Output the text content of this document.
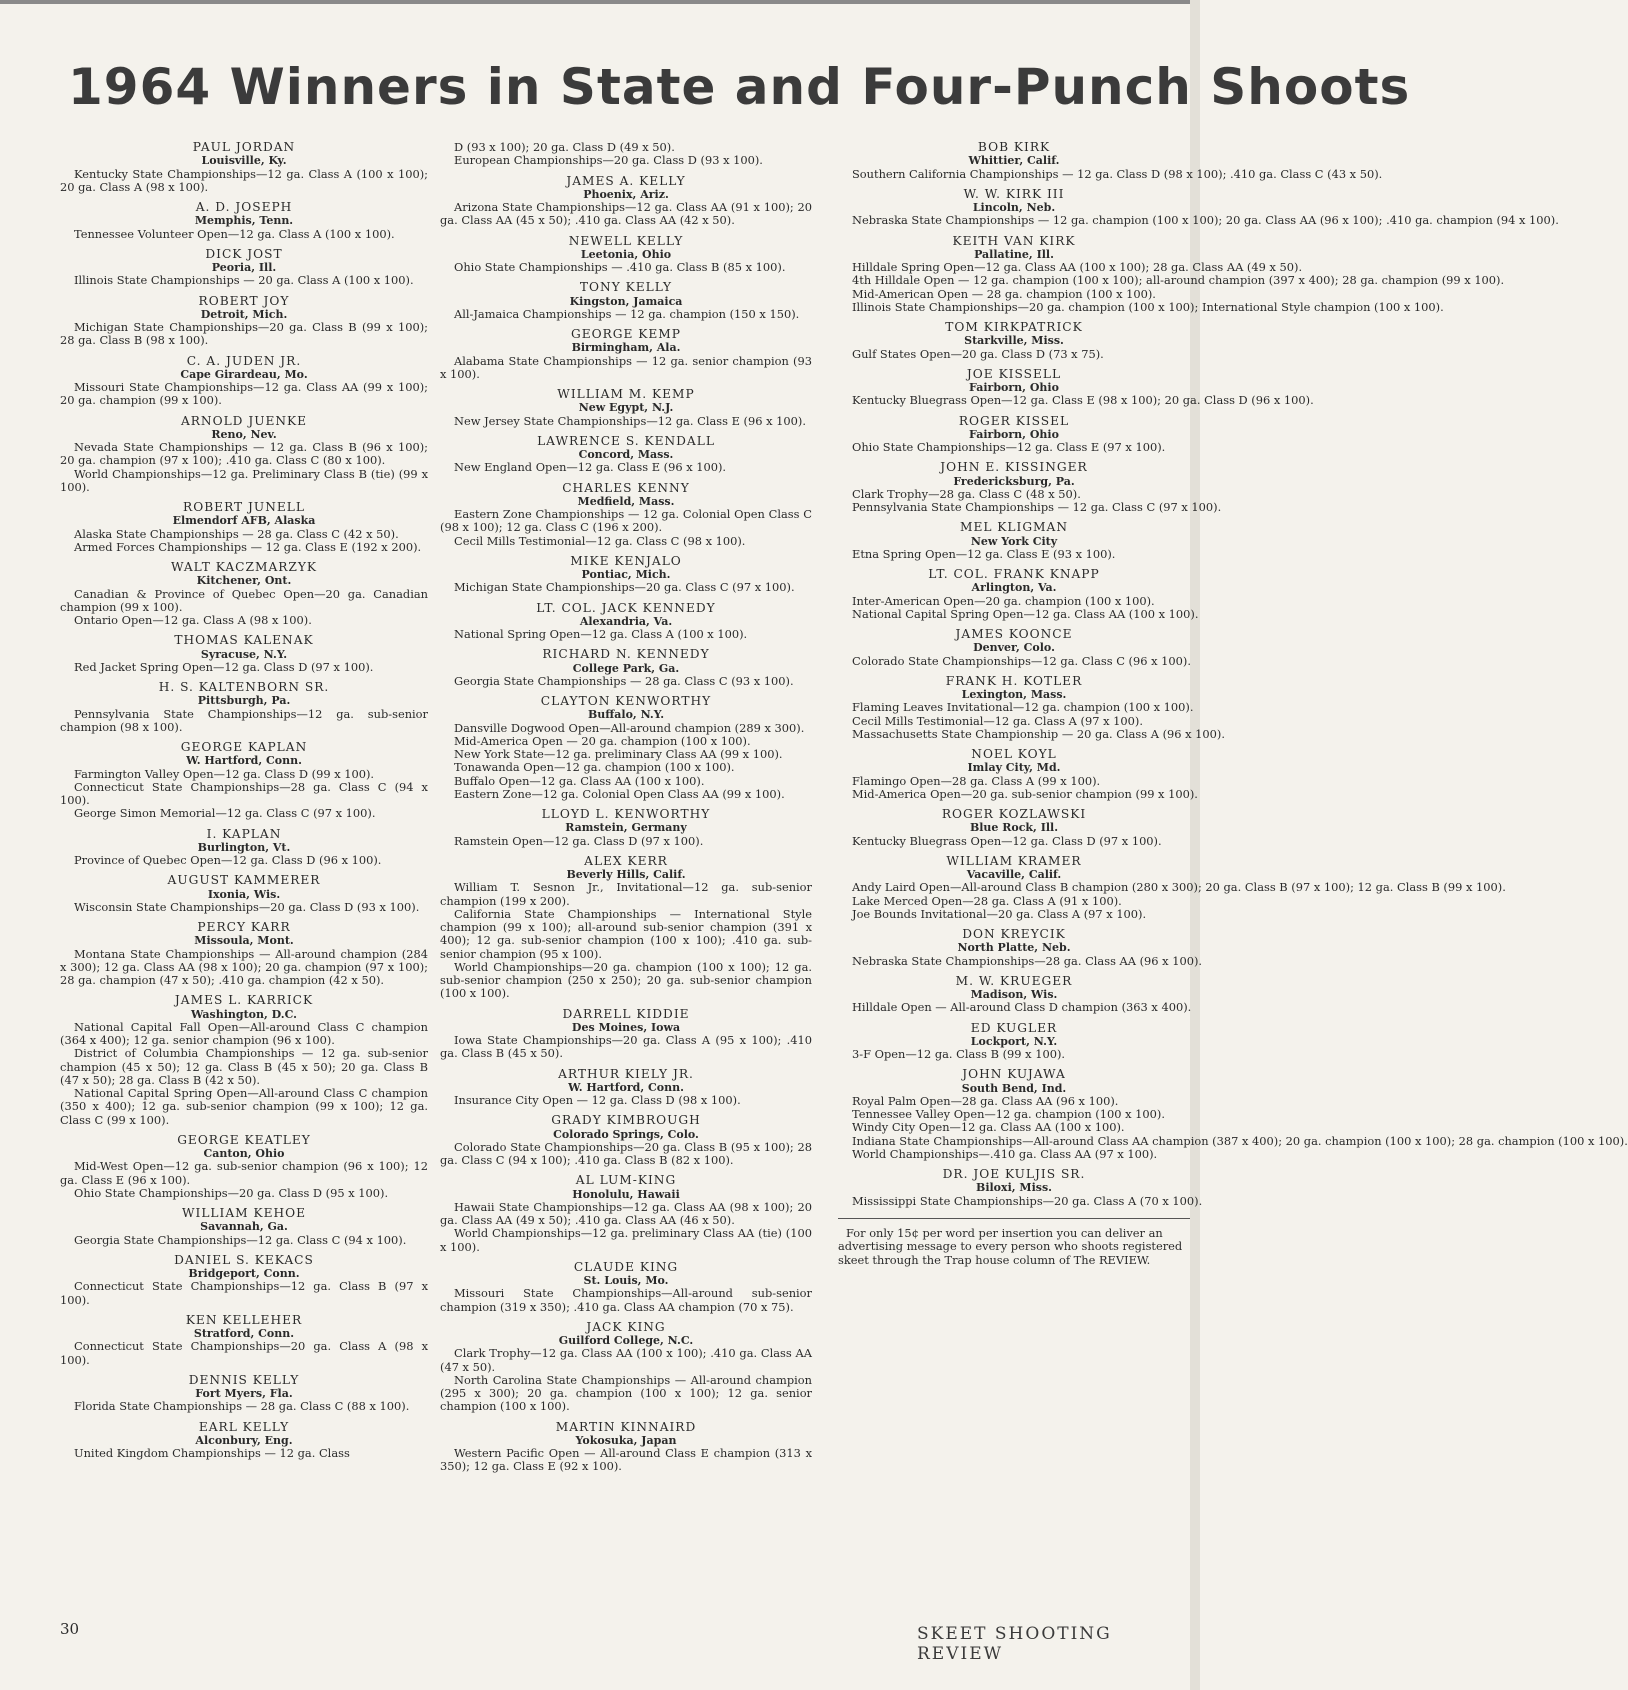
1964 Winners in State and Four-Punch Shoots
PAUL JORDAN
Louisville, Ky.
Kentucky State Championships—12 ga. Class A (100 x 100); 20 ga. Class A (98 x 100).
A. D. JOSEPH
Memphis, Tenn.
Tennessee Volunteer Open—12 ga. Class A (100 x 100).
DICK JOST
Peoria, Ill.
Illinois State Championships — 20 ga. Class A (100 x 100).
ROBERT JOY
Detroit, Mich.
Michigan State Championships—20 ga. Class B (99 x 100); 28 ga. Class B (98 x 100).
C. A. JUDEN JR.
Cape Girardeau, Mo.
Missouri State Championships—12 ga. Class AA (99 x 100); 20 ga. champion (99 x 100).
ARNOLD JUENKE
Reno, Nev.
Nevada State Championships — 12 ga. Class B (96 x 100); 20 ga. champion (97 x 100); .410 ga. Class C (80 x 100).
World Championships—12 ga. Preliminary Class B (tie) (99 x 100).
ROBERT JUNELL
Elmendorf AFB, Alaska
Alaska State Championships — 28 ga. Class C (42 x 50).
Armed Forces Championships — 12 ga. Class E (192 x 200).
WALT KACZMARZYK
Kitchener, Ont.
Canadian & Province of Quebec Open—20 ga. Canadian champion (99 x 100).
Ontario Open—12 ga. Class A (98 x 100).
THOMAS KALENAK
Syracuse, N.Y.
Red Jacket Spring Open—12 ga. Class D (97 x 100).
H. S. KALTENBORN SR.
Pittsburgh, Pa.
Pennsylvania State Championships—12 ga. sub-senior champion (98 x 100).
GEORGE KAPLAN
W. Hartford, Conn.
Farmington Valley Open—12 ga. Class D (99 x 100).
Connecticut State Championships—28 ga. Class C (94 x 100).
George Simon Memorial—12 ga. Class C (97 x 100).
I. KAPLAN
Burlington, Vt.
Province of Quebec Open—12 ga. Class D (96 x 100).
AUGUST KAMMERER
Ixonia, Wis.
Wisconsin State Championships—20 ga. Class D (93 x 100).
PERCY KARR
Missoula, Mont.
Montana State Championships — All-around champion (284 x 300); 12 ga. Class AA (98 x 100); 20 ga. champion (97 x 100); 28 ga. champion (47 x 50); .410 ga. champion (42 x 50).
JAMES L. KARRICK
Washington, D.C.
National Capital Fall Open—All-around Class C champion (364 x 400); 12 ga. senior champion (96 x 100).
District of Columbia Championships — 12 ga. sub-senior champion (45 x 50); 12 ga. Class B (45 x 50); 20 ga. Class B (47 x 50); 28 ga. Class B (42 x 50).
National Capital Spring Open—All-around Class C champion (350 x 400); 12 ga. sub-senior champion (99 x 100); 12 ga. Class C (99 x 100).
GEORGE KEATLEY
Canton, Ohio
Mid-West Open—12 ga. sub-senior champion (96 x 100); 12 ga. Class E (96 x 100).
Ohio State Championships—20 ga. Class D (95 x 100).
WILLIAM KEHOE
Savannah, Ga.
Georgia State Championships—12 ga. Class C (94 x 100).
DANIEL S. KEKACS
Bridgeport, Conn.
Connecticut State Championships—12 ga. Class B (97 x 100).
KEN KELLEHER
Stratford, Conn.
Connecticut State Championships—20 ga. Class A (98 x 100).
DENNIS KELLY
Fort Myers, Fla.
Florida State Championships — 28 ga. Class C (88 x 100).
EARL KELLY
Alconbury, Eng.
United Kingdom Championships — 12 ga. Class
D (93 x 100); 20 ga. Class D (49 x 50).
European Championships—20 ga. Class D (93 x 100).
JAMES A. KELLY
Phoenix, Ariz.
Arizona State Championships—12 ga. Class AA (91 x 100); 20 ga. Class AA (45 x 50); .410 ga. Class AA (42 x 50).
NEWELL KELLY
Leetonia, Ohio
Ohio State Championships — .410 ga. Class B (85 x 100).
TONY KELLY
Kingston, Jamaica
All-Jamaica Championships — 12 ga. champion (150 x 150).
GEORGE KEMP
Birmingham, Ala.
Alabama State Championships — 12 ga. senior champion (93 x 100).
WILLIAM M. KEMP
New Egypt, N.J.
New Jersey State Championships—12 ga. Class E (96 x 100).
LAWRENCE S. KENDALL
Concord, Mass.
New England Open—12 ga. Class E (96 x 100).
CHARLES KENNY
Medfield, Mass.
Eastern Zone Championships — 12 ga. Colonial Open Class C (98 x 100); 12 ga. Class C (196 x 200).
Cecil Mills Testimonial—12 ga. Class C (98 x 100).
MIKE KENJALO
Pontiac, Mich.
Michigan State Championships—20 ga. Class C (97 x 100).
LT. COL. JACK KENNEDY
Alexandria, Va.
National Spring Open—12 ga. Class A (100 x 100).
RICHARD N. KENNEDY
College Park, Ga.
Georgia State Championships — 28 ga. Class C (93 x 100).
CLAYTON KENWORTHY
Buffalo, N.Y.
Dansville Dogwood Open—All-around champion (289 x 300).
Mid-America Open — 20 ga. champion (100 x 100).
New York State—12 ga. preliminary Class AA (99 x 100).
Tonawanda Open—12 ga. champion (100 x 100).
Buffalo Open—12 ga. Class AA (100 x 100).
Eastern Zone—12 ga. Colonial Open Class AA (99 x 100).
LLOYD L. KENWORTHY
Ramstein, Germany
Ramstein Open—12 ga. Class D (97 x 100).
ALEX KERR
Beverly Hills, Calif.
William T. Sesnon Jr., Invitational—12 ga. sub-senior champion (199 x 200).
California State Championships — International Style champion (99 x 100); all-around sub-senior champion (391 x 400); 12 ga. sub-senior champion (100 x 100); .410 ga. sub-senior champion (95 x 100).
World Championships—20 ga. champion (100 x 100); 12 ga. sub-senior champion (250 x 250); 20 ga. sub-senior champion (100 x 100).
DARRELL KIDDIE
Des Moines, Iowa
Iowa State Championships—20 ga. Class A (95 x 100); .410 ga. Class B (45 x 50).
ARTHUR KIELY JR.
W. Hartford, Conn.
Insurance City Open — 12 ga. Class D (98 x 100).
GRADY KIMBROUGH
Colorado Springs, Colo.
Colorado State Championships—20 ga. Class B (95 x 100); 28 ga. Class C (94 x 100); .410 ga. Class B (82 x 100).
AL LUM-KING
Honolulu, Hawaii
Hawaii State Championships—12 ga. Class AA (98 x 100); 20 ga. Class AA (49 x 50); .410 ga. Class AA (46 x 50).
World Championships—12 ga. preliminary Class AA (tie) (100 x 100).
CLAUDE KING
St. Louis, Mo.
Missouri State Championships—All-around sub-senior champion (319 x 350); .410 ga. Class AA champion (70 x 75).
JACK KING
Guilford College, N.C.
Clark Trophy—12 ga. Class AA (100 x 100); .410 ga. Class AA (47 x 50).
North Carolina State Championships — All-around champion (295 x 300); 20 ga. champion (100 x 100); 12 ga. senior champion (100 x 100).
MARTIN KINNAIRD
Yokosuka, Japan
Western Pacific Open — All-around Class E champion (313 x 350); 12 ga. Class E (92 x 100).
BOB KIRK
Whittier, Calif.
Southern California Championships — 12 ga. Class D (98 x 100); .410 ga. Class C (43 x 50).
W. W. KIRK III
Lincoln, Neb.
Nebraska State Championships — 12 ga. champion (100 x 100); 20 ga. Class AA (96 x 100); .410 ga. champion (94 x 100).
KEITH VAN KIRK
Pallatine, Ill.
Hilldale Spring Open—12 ga. Class AA (100 x 100); 28 ga. Class AA (49 x 50).
4th Hilldale Open — 12 ga. champion (100 x 100); all-around champion (397 x 400); 28 ga. champion (99 x 100).
Mid-American Open — 28 ga. champion (100 x 100).
Illinois State Championships—20 ga. champion (100 x 100); International Style champion (100 x 100).
TOM KIRKPATRICK
Starkville, Miss.
Gulf States Open—20 ga. Class D (73 x 75).
JOE KISSELL
Fairborn, Ohio
Kentucky Bluegrass Open—12 ga. Class E (98 x 100); 20 ga. Class D (96 x 100).
ROGER KISSEL
Fairborn, Ohio
Ohio State Championships—12 ga. Class E (97 x 100).
JOHN E. KISSINGER
Fredericksburg, Pa.
Clark Trophy—28 ga. Class C (48 x 50).
Pennsylvania State Championships — 12 ga. Class C (97 x 100).
MEL KLIGMAN
New York City
Etna Spring Open—12 ga. Class E (93 x 100).
LT. COL. FRANK KNAPP
Arlington, Va.
Inter-American Open—20 ga. champion (100 x 100).
National Capital Spring Open—12 ga. Class AA (100 x 100).
JAMES KOONCE
Denver, Colo.
Colorado State Championships—12 ga. Class C (96 x 100).
FRANK H. KOTLER
Lexington, Mass.
Flaming Leaves Invitational—12 ga. champion (100 x 100).
Cecil Mills Testimonial—12 ga. Class A (97 x 100).
Massachusetts State Championship — 20 ga. Class A (96 x 100).
NOEL KOYL
Imlay City, Md.
Flamingo Open—28 ga. Class A (99 x 100).
Mid-America Open—20 ga. sub-senior champion (99 x 100).
ROGER KOZLAWSKI
Blue Rock, Ill.
Kentucky Bluegrass Open—12 ga. Class D (97 x 100).
WILLIAM KRAMER
Vacaville, Calif.
Andy Laird Open—All-around Class B champion (280 x 300); 20 ga. Class B (97 x 100); 12 ga. Class B (99 x 100).
Lake Merced Open—28 ga. Class A (91 x 100).
Joe Bounds Invitational—20 ga. Class A (97 x 100).
DON KREYCIK
North Platte, Neb.
Nebraska State Championships—28 ga. Class AA (96 x 100).
M. W. KRUEGER
Madison, Wis.
Hilldale Open — All-around Class D champion (363 x 400).
ED KUGLER
Lockport, N.Y.
3-F Open—12 ga. Class B (99 x 100).
JOHN KUJAWA
South Bend, Ind.
Royal Palm Open—28 ga. Class AA (96 x 100).
Tennessee Valley Open—12 ga. champion (100 x 100).
Windy City Open—12 ga. Class AA (100 x 100).
Indiana State Championships—All-around Class AA champion (387 x 400); 20 ga. champion (100 x 100); 28 ga. champion (100 x 100).
World Championships—.410 ga. Class AA (97 x 100).
DR. JOE KULJIS SR.
Biloxi, Miss.
Mississippi State Championships—20 ga. Class A (70 x 100).
For only 15¢ per word per insertion you can deliver an advertising message to every person who shoots registered skeet through the Trap house column of The REVIEW.
30	SKEET SHOOTING REVIEW
